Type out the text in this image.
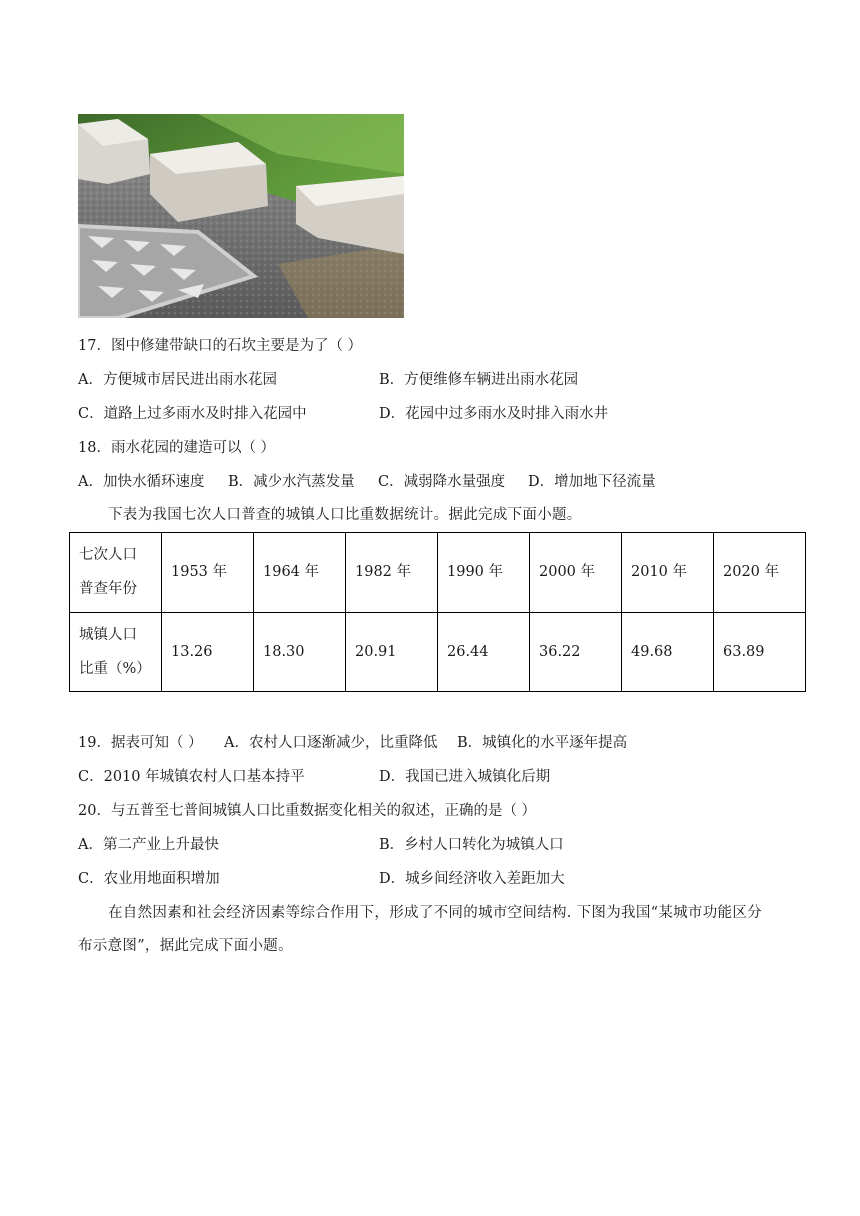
17．图中修建带缺口的石坎主要是为了（ ）
A．方便城市居民进出雨水花园	B．方便维修车辆进出雨水花园
C．道路上过多雨水及时排入花园中	D．花园中过多雨水及时排入雨水井
18．雨水花园的建造可以（ ）
A．加快水循环速度 B．减少水汽蒸发量 C．减弱降水量强度 D．增加地下径流量
下表为我国七次人口普查的城镇人口比重数据统计。据此完成下面小题。
七次人口
普查年份	1953 年	1964 年	1982 年	1990 年	2000 年	2010 年	2020 年

城镇人口
比重（%）	13.26	18.30	20.91	26.44	36.22	49.68	63.89
19．据表可知（ ） A．农村人口逐渐减少，比重降低 B．城镇化的水平逐年提高
C．2010 年城镇农村人口基本持平	D．我国已进入城镇化后期
20．与五普至七普间城镇人口比重数据变化相关的叙述，正确的是（ ）
A．第二产业上升最快	B．乡村人口转化为城镇人口
C．农业用地面积增加	D．城乡间经济收入差距加大
在自然因素和社会经济因素等综合作用下，形成了不同的城市空间结构. 下图为我国“某城市功能区分
布示意图”，据此完成下面小题。
